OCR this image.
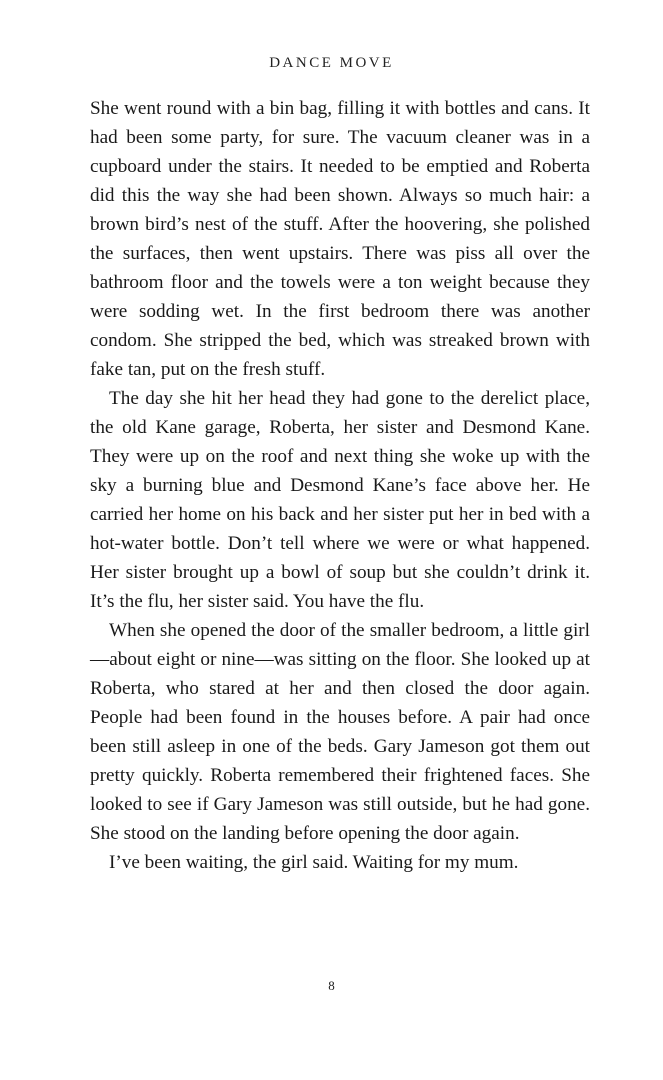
DANCE MOVE

She went round with a bin bag, filling it with bottles and cans. It had been some party, for sure. The vacuum cleaner was in a cupboard under the stairs. It needed to be emptied and Roberta did this the way she had been shown. Always so much hair: a brown bird’s nest of the stuff. After the hoovering, she polished the surfaces, then went upstairs. There was piss all over the bathroom floor and the towels were a ton weight because they were sodding wet. In the first bedroom there was another condom. She stripped the bed, which was streaked brown with fake tan, put on the fresh stuff.

The day she hit her head they had gone to the derelict place, the old Kane garage, Roberta, her sister and Desmond Kane. They were up on the roof and next thing she woke up with the sky a burning blue and Desmond Kane’s face above her. He carried her home on his back and her sister put her in bed with a hot-water bottle. Don’t tell where we were or what happened. Her sister brought up a bowl of soup but she couldn’t drink it. It’s the flu, her sister said. You have the flu.

When she opened the door of the smaller bedroom, a little girl—about eight or nine—was sitting on the floor. She looked up at Roberta, who stared at her and then closed the door again. People had been found in the houses before. A pair had once been still asleep in one of the beds. Gary Jameson got them out pretty quickly. Roberta remembered their frightened faces. She looked to see if Gary Jameson was still outside, but he had gone. She stood on the landing before opening the door again.

I’ve been waiting, the girl said. Waiting for my mum.

8
